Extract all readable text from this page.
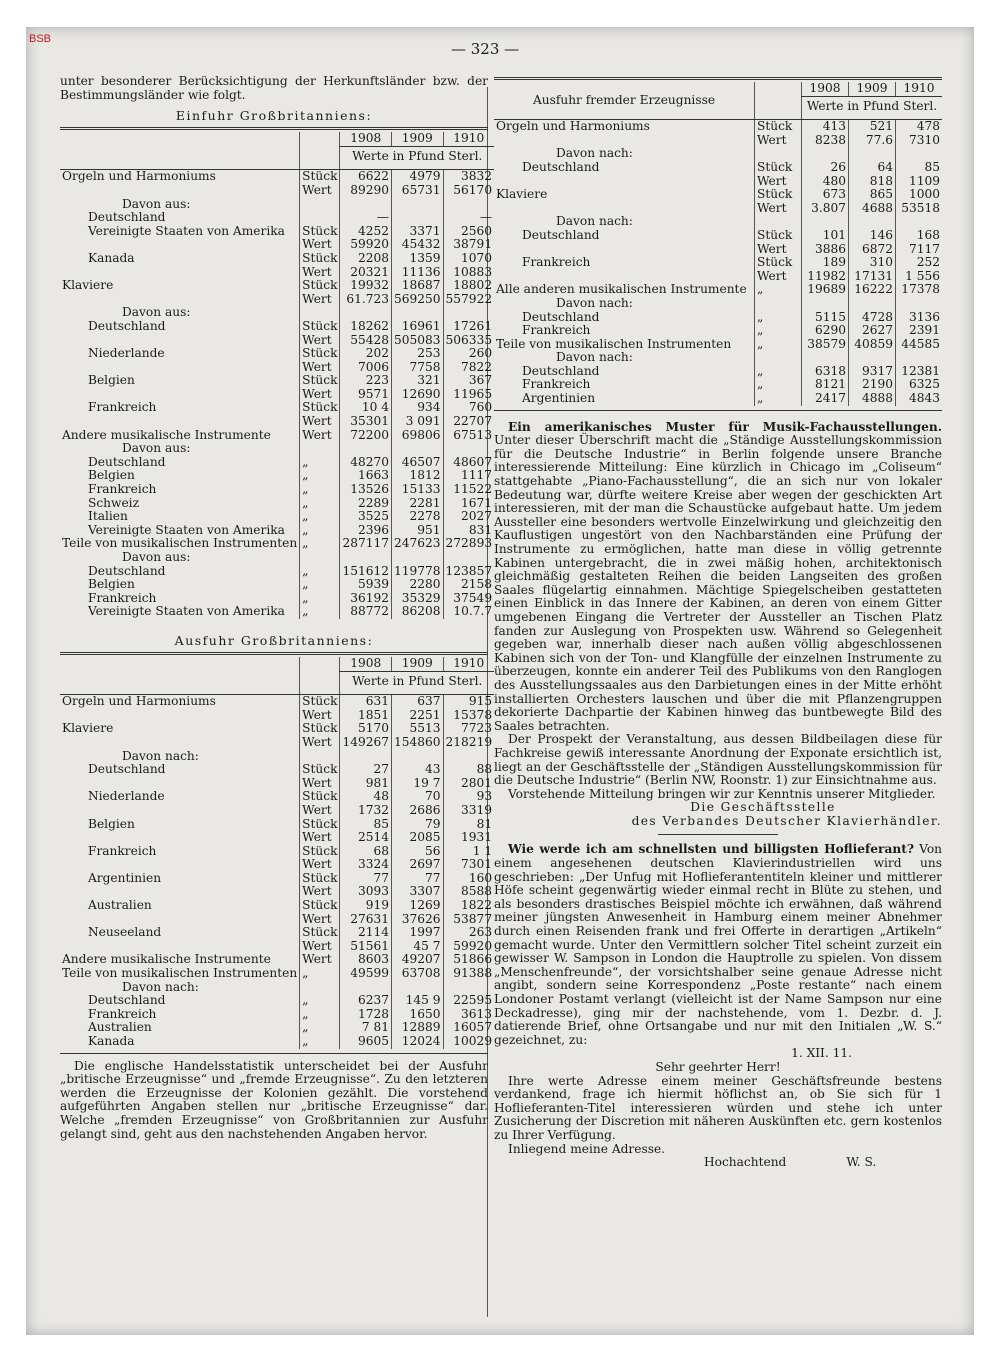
BSB
— 323 —

unter besonderer Berücksichtigung der Herkunftsländer bzw. der Bestimmungsländer wie folgt.

Einfuhr Großbritanniens:
		1908	1909	1910
		Werte in Pfund Sterl.		
Orgeln und Harmoniums	Stück	6622	4979	3832
	Wert	89290	65731	56170
Davon aus:				
Deutschland		—		—
Vereinigte Staaten von Amerika	Stück	4252	3371	2560
	Wert	59920	45432	38791
Kanada	Stück	2208	1359	1070
	Wert	20321	11136	10883
Klaviere	Stück	19932	18687	18802
	Wert	61.723	569250	557922
Davon aus:				
Deutschland	Stück	18262	16961	17261
	Wert	55428	505083	506335
Niederlande	Stück	202	253	260
	Wert	7006	7758	7822
Belgien	Stück	223	321	367
	Wert	9571	12690	11965
Frankreich	Stück	10 4	934	760
	Wert	35301	3 091	22707
Andere musikalische Instrumente	Wert	72200	69806	67513
Davon aus:				
Deutschland	„	48270	46507	48607
Belgien	„	1663	1812	1117
Frankreich	„	13526	15133	11522
Schweiz	„	2289	2281	1671
Italien	„	3525	2278	2027
Vereinigte Staaten von Amerika	„	2396	951	831
Teile von musikalischen Instrumenten	„	287117	247623	272893
Davon aus:				
Deutschland	„	151612	119778	123857
Belgien	„	5939	2280	2158
Frankreich	„	36192	35329	37549
Vereinigte Staaten von Amerika	„	88772	86208	10.7.7
Ausfuhr Großbritanniens:
		1908	1909	1910
		Werte in Pfund Sterl.		
Orgeln und Harmoniums	Stück	631	637	915
	Wert	1851	2251	15378
Klaviere	Stück	5170	5513	7723
	Wert	149267	154860	218219
Davon nach:				
Deutschland	Stück	27	43	88
	Wert	981	19 7	2801
Niederlande	Stück	48	70	93
	Wert	1732	2686	3319
Belgien	Stück	85	79	81
	Wert	2514	2085	1931
Frankreich	Stück	68	56	1 1
	Wert	3324	2697	7301
Argentinien	Stück	77	77	160
	Wert	3093	3307	8588
Australien	Stück	919	1269	1822
	Wert	27631	37626	53877
Neuseeland	Stück	2114	1997	263
	Wert	51561	45 7	59920
Andere musikalische Instrumente	Wert	8603	49207	51866
Teile von musikalischen Instrumenten	„	49599	63708	91388
Davon nach:				
Deutschland	„	6237	145 9	22595
Frankreich	„	1728	1650	3613
Australien	„	7 81	12889	16057
Kanada	„	9605	12024	10029

Die englische Handelsstatistik unterscheidet bei der Ausfuhr „britische Erzeugnisse“ und „fremde Erzeugnisse“. Zu den letzteren werden die Erzeugnisse der Kolonien gezählt. Die vorstehend aufgeführten Angaben stellen nur „britische Erzeugnisse“ dar. Welche „fremden Erzeugnisse“ von Großbritannien zur Ausfuhr gelangt sind, geht aus den nachstehenden Angaben hervor.

Ausfuhr fremder Erzeugnisse		1908	1909	1910
		Werte in Pfund Sterl.		
Orgeln und Harmoniums	Stück	413	521	478
	Wert	8238	77.6	7310
Davon nach:				
Deutschland	Stück	26	64	85
	Wert	480	818	1109
Klaviere	Stück	673	865	1000
	Wert	3.807	4688	53518
Davon nach:				
Deutschland	Stück	101	146	168
	Wert	3886	6872	7117
Frankreich	Stück	189	310	252
	Wert	11982	17131	1 556
Alle anderen musikalischen Instrumente	„	19689	16222	17378
Davon nach:				
Deutschland	„	5115	4728	3136
Frankreich	„	6290	2627	2391
Teile von musikalischen Instrumenten	„	38579	40859	44585
Davon nach:				
Deutschland	„	6318	9317	12381
Frankreich	„	8121	2190	6325
Argentinien	„	2417	4888	4843

Ein amerikanisches Muster für Musik-Fachausstellungen. Unter dieser Überschrift macht die „Ständige Ausstellungskommission für die Deutsche Industrie“ in Berlin folgende unsere Branche interessierende Mitteilung: Eine kürzlich in Chicago im „Coliseum“ stattgehabte „Piano-Fachausstellung“, die an sich nur von lokaler Bedeutung war, dürfte weitere Kreise aber wegen der geschickten Art interessieren, mit der man die Schaustücke aufgebaut hatte. Um jedem Aussteller eine besonders wertvolle Einzelwirkung und gleichzeitig den Kauflustigen ungestört von den Nachbarständen eine Prüfung der Instrumente zu ermöglichen, hatte man diese in völlig getrennte Kabinen untergebracht, die in zwei mäßig hohen, architektonisch gleichmäßig gestalteten Reihen die beiden Langseiten des großen Saales flügelartig einnahmen. Mächtige Spiegelscheiben gestatteten einen Einblick in das Innere der Kabinen, an deren von einem Gitter umgebenen Eingang die Vertreter der Aussteller an Tischen Platz fanden zur Auslegung von Prospekten usw. Während so Gelegenheit gegeben war, innerhalb dieser nach außen völlig abgeschlossenen Kabinen sich von der Ton- und Klangfülle der einzelnen Instrumente zu überzeugen, konnte ein anderer Teil des Publikums von den Ranglogen des Ausstellungssaales aus den Darbietungen eines in der Mitte erhöht installierten Orchesters lauschen und über die mit Pflanzengruppen dekorierte Dachpartie der Kabinen hinweg das buntbewegte Bild des Saales betrachten.

Der Prospekt der Veranstaltung, aus dessen Bildbeilagen diese für Fachkreise gewiß interessante Anordnung der Exponate ersichtlich ist, liegt an der Geschäftsstelle der „Ständigen Ausstellungskommission für die Deutsche Industrie“ (Berlin NW, Roonstr. 1) zur Einsichtnahme aus.

Vorstehende Mitteilung bringen wir zur Kenntnis unserer Mitglieder.

Die Geschäftsstelle

des Verbandes Deutscher Klavierhändler.

Wie werde ich am schnellsten und billigsten Hoflieferant? Von einem angesehenen deutschen Klavierindustriellen wird uns geschrieben: „Der Unfug mit Hoflieferantentiteln kleiner und mittlerer Höfe scheint gegenwärtig wieder einmal recht in Blüte zu stehen, und als besonders drastisches Beispiel möchte ich erwähnen, daß während meiner jüngsten Anwesenheit in Hamburg einem meiner Abnehmer durch einen Reisenden frank und frei Offerte in derartigen „Artikeln“ gemacht wurde. Unter den Vermittlern solcher Titel scheint zurzeit ein gewisser W. Sampson in London die Hauptrolle zu spielen. Von dissem „Menschenfreunde“, der vorsichtshalber seine genaue Adresse nicht angibt, sondern seine Korrespondenz „Poste restante“ nach einem Londoner Postamt verlangt (vielleicht ist der Name Sampson nur eine Deckadresse), ging mir der nachstehende, vom 1. Dezbr. d. J. datierende Brief, ohne Ortsangabe und nur mit den Initialen „W. S.“ gezeichnet, zu:

1. XII. 11.

Sehr geehrter Herr!

Ihre werte Adresse einem meiner Geschäftsfreunde bestens verdankend, frage ich hiermit höflichst an, ob Sie sich für 1 Hoflieferanten-Titel interessieren würden und stehe ich unter Zusicherung der Discretion mit näheren Auskünften etc. gern kostenlos zu Ihrer Verfügung.

Inliegend meine Adresse.

Hochachtend	W. S.
